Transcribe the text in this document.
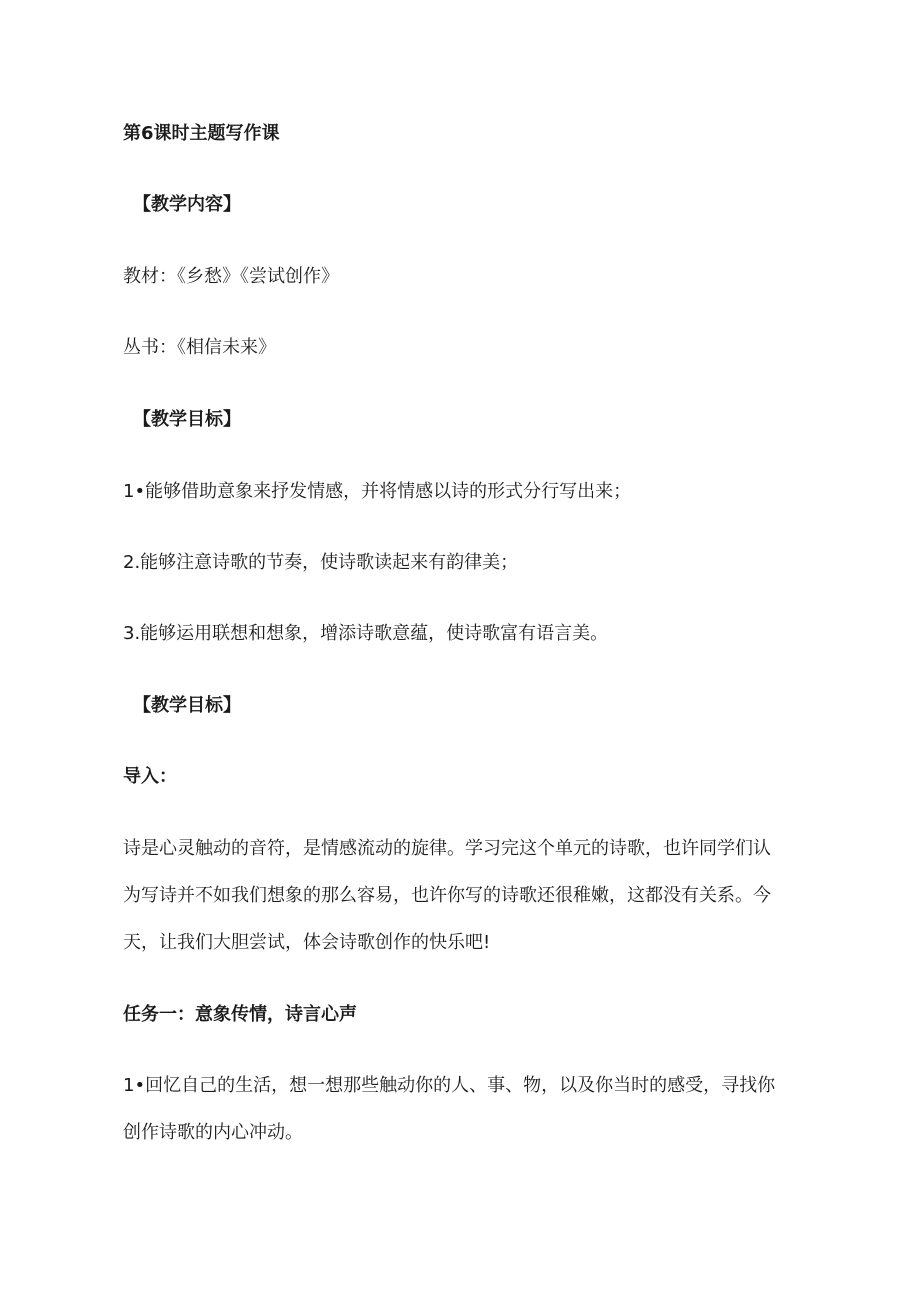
第6课时主题写作课
【教学内容】
教材：《乡愁》《尝试创作》
丛书：《相信未来》
【教学目标】
1•能够借助意象来抒发情感，并将情感以诗的形式分行写出来；
2.能够注意诗歌的节奏，使诗歌读起来有韵律美；
3.能够运用联想和想象，增添诗歌意蕴，使诗歌富有语言美。
【教学目标】
导入：
诗是心灵触动的音符，是情感流动的旋律。学习完这个单元的诗歌，也许同学们认
为写诗并不如我们想象的那么容易，也许你写的诗歌还很稚嫩，这都没有关系。今
天，让我们大胆尝试，体会诗歌创作的快乐吧!
任务一：意象传情，诗言心声
1•回忆自己的生活，想一想那些触动你的人、事、物，以及你当时的感受，寻找你
创作诗歌的内心冲动。
